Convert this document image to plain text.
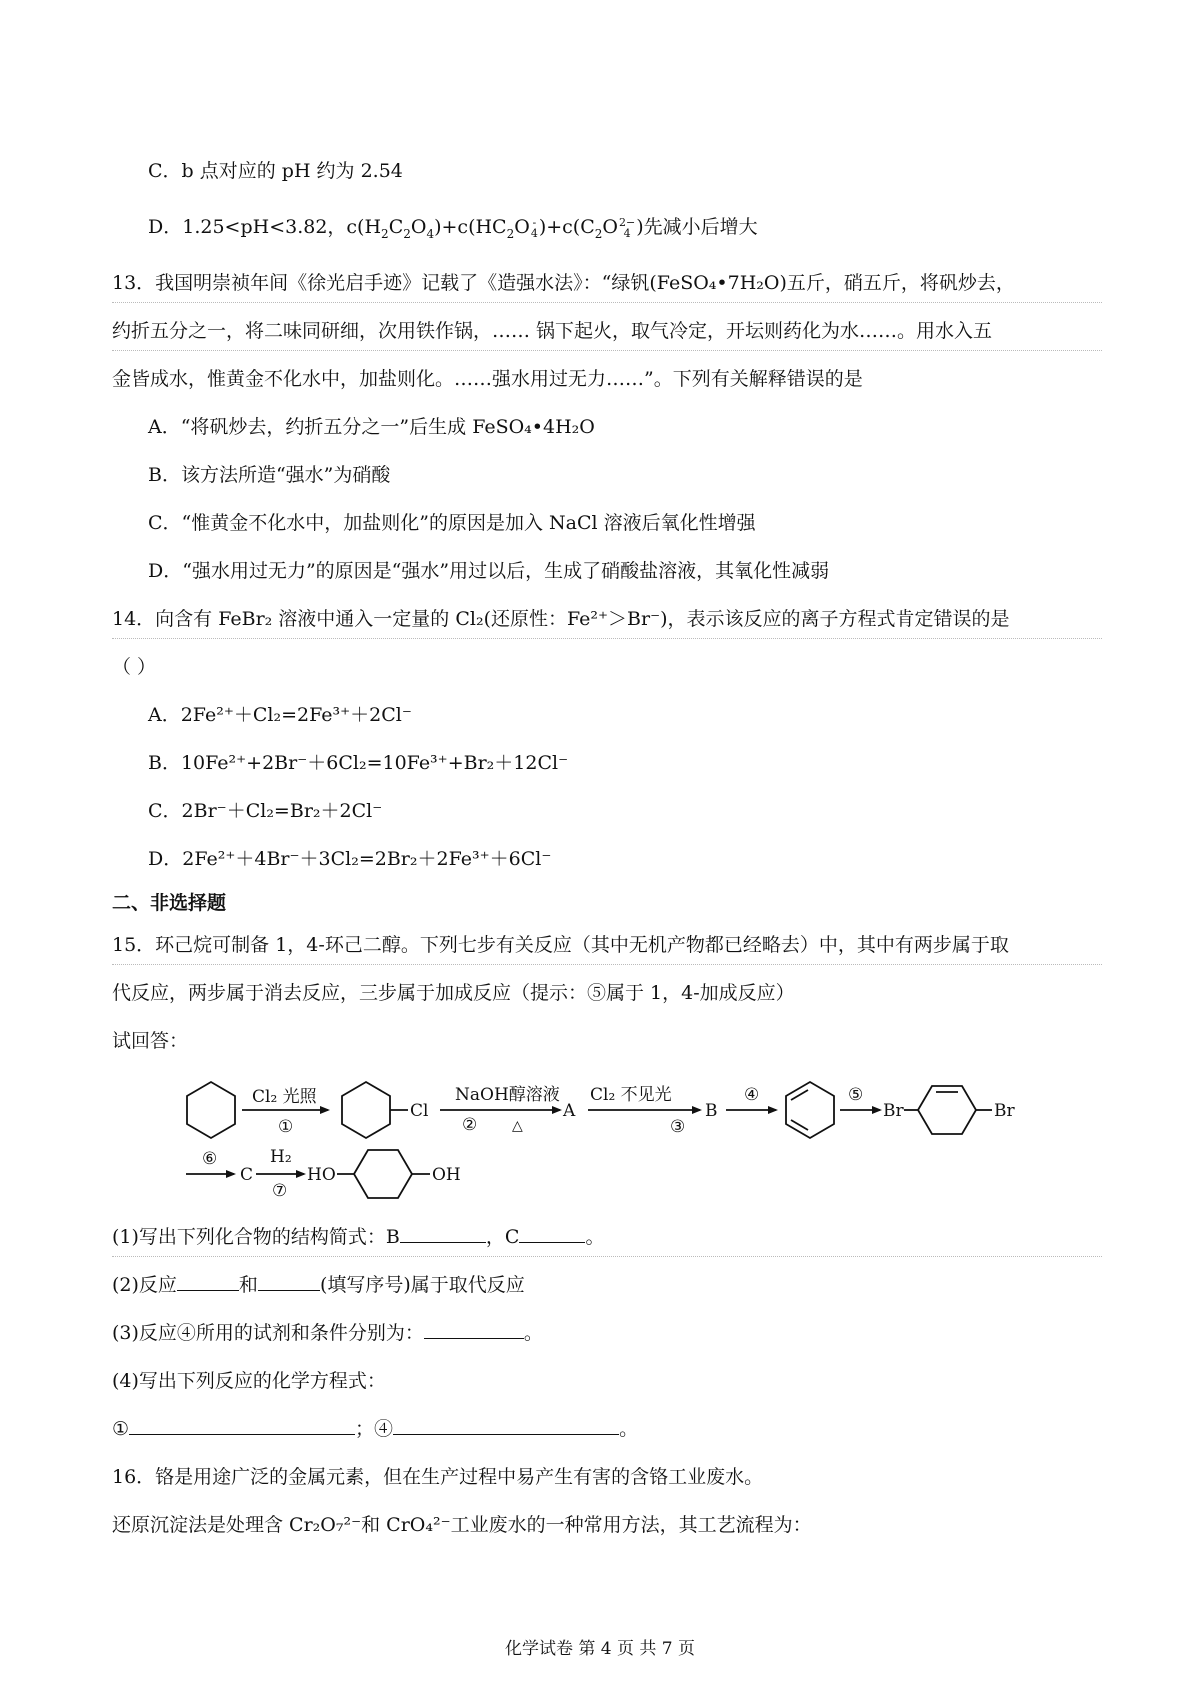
C．b 点对应的 pH 约为 2.54
D．1.25<pH<3.82，$c(H_2C_2O_4)+c(HC_2O$ -
4 )$+c(C_2O$ 2−
4 )先减小后增大
13．我国明崇祯年间《徐光启手迹》记载了《造强水法》：“绿钒(FeSO₄•7H₂O)五斤，硝五斤，将矾炒去，
约折五分之一，将二味同研细，次用铁作锅，…… 锅下起火，取气冷定，开坛则药化为水……。用水入五
金皆成水，惟黄金不化水中，加盐则化。……强水用过无力……”。下列有关解释错误的是
A．“将矾炒去，约折五分之一”后生成 FeSO₄•4H₂O
B．该方法所造“强水”为硝酸
C．“惟黄金不化水中，加盐则化”的原因是加入 NaCl 溶液后氧化性增强
D．“强水用过无力”的原因是“强水”用过以后，生成了硝酸盐溶液，其氧化性减弱
14．向含有 FeBr₂ 溶液中通入一定量的 Cl₂(还原性：Fe²⁺＞Br⁻)，表示该反应的离子方程式肯定错误的是
（ ）
A．2Fe²⁺＋Cl₂=2Fe³⁺＋2Cl⁻
B．10Fe²⁺+2Br⁻＋6Cl₂=10Fe³⁺+Br₂＋12Cl⁻
C．2Br⁻＋Cl₂=Br₂＋2Cl⁻
D．2Fe²⁺＋4Br⁻＋3Cl₂=2Br₂＋2Fe³⁺＋6Cl⁻
二、非选择题
15．环己烷可制备 1，4-环己二醇。下列七步有关反应（其中无机产物都已经略去）中，其中有两步属于取
代反应，两步属于消去反应，三步属于加成反应（提示：⑤属于 1，4-加成反应）
试回答：
Cl₂ 光照
①
Cl
NaOH醇溶液
② △
A
Cl₂ 不见光
③
B
④	⑤
Br	Br
⑥
C
H₂
⑦
HO	OH
(1)写出下列化合物的结构简式：B	，C	。
(2)反应	和	(填写序号)属于取代反应
(3)反应④所用的试剂和条件分别为：	。
(4)写出下列反应的化学方程式：
①	；④	。
16．铬是用途广泛的金属元素，但在生产过程中易产生有害的含铬工业废水。
还原沉淀法是处理含 Cr₂O₇²⁻和 CrO₄²⁻工业废水的一种常用方法，其工艺流程为：
化学试卷 第 4 页 共 7 页
